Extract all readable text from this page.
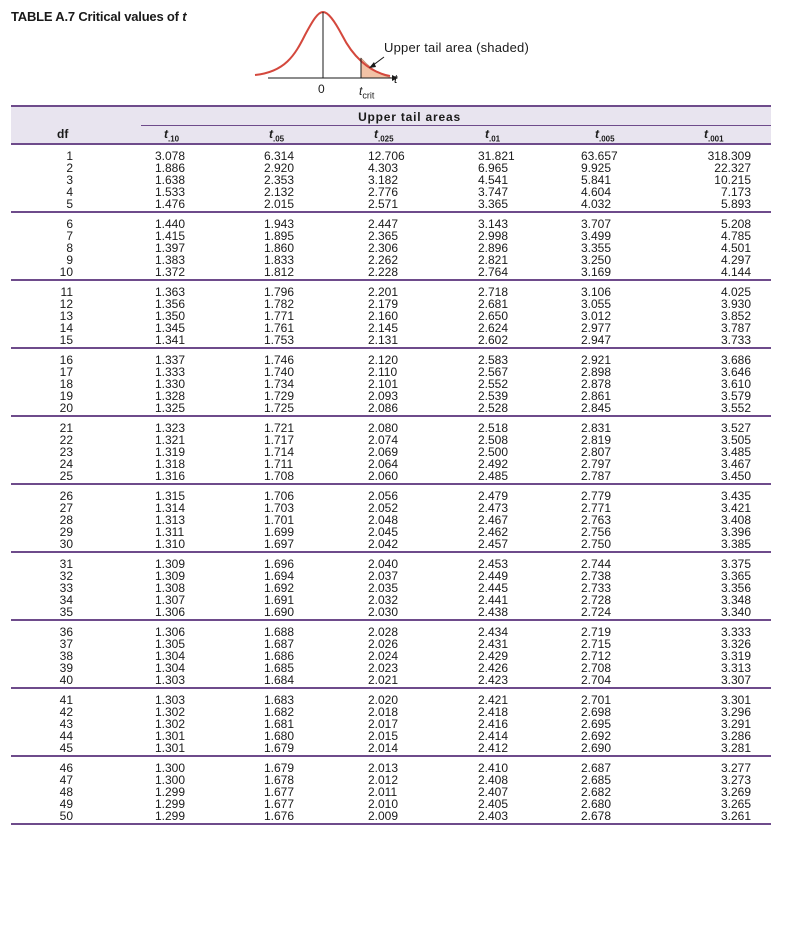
TABLE A.7 Critical values of t
Upper tail area (shaded)
0
t
$t_{crit}$
Upper tail areas
df	$t_{.10}$	$t_{.05}$	$t_{.025}$	$t_{.01}$	$t_{.005}$	$t_{.001}$
1	3.078	6.314	12.706	31.821	63.657	318.309
2	1.886	2.920	4.303	6.965	9.925	22.327
3	1.638	2.353	3.182	4.541	5.841	10.215
4	1.533	2.132	2.776	3.747	4.604	7.173
5	1.476	2.015	2.571	3.365	4.032	5.893
6	1.440	1.943	2.447	3.143	3.707	5.208
7	1.415	1.895	2.365	2.998	3.499	4.785
8	1.397	1.860	2.306	2.896	3.355	4.501
9	1.383	1.833	2.262	2.821	3.250	4.297
10	1.372	1.812	2.228	2.764	3.169	4.144
11	1.363	1.796	2.201	2.718	3.106	4.025
12	1.356	1.782	2.179	2.681	3.055	3.930
13	1.350	1.771	2.160	2.650	3.012	3.852
14	1.345	1.761	2.145	2.624	2.977	3.787
15	1.341	1.753	2.131	2.602	2.947	3.733
16	1.337	1.746	2.120	2.583	2.921	3.686
17	1.333	1.740	2.110	2.567	2.898	3.646
18	1.330	1.734	2.101	2.552	2.878	3.610
19	1.328	1.729	2.093	2.539	2.861	3.579
20	1.325	1.725	2.086	2.528	2.845	3.552
21	1.323	1.721	2.080	2.518	2.831	3.527
22	1.321	1.717	2.074	2.508	2.819	3.505
23	1.319	1.714	2.069	2.500	2.807	3.485
24	1.318	1.711	2.064	2.492	2.797	3.467
25	1.316	1.708	2.060	2.485	2.787	3.450
26	1.315	1.706	2.056	2.479	2.779	3.435
27	1.314	1.703	2.052	2.473	2.771	3.421
28	1.313	1.701	2.048	2.467	2.763	3.408
29	1.311	1.699	2.045	2.462	2.756	3.396
30	1.310	1.697	2.042	2.457	2.750	3.385
31	1.309	1.696	2.040	2.453	2.744	3.375
32	1.309	1.694	2.037	2.449	2.738	3.365
33	1.308	1.692	2.035	2.445	2.733	3.356
34	1.307	1.691	2.032	2.441	2.728	3.348
35	1.306	1.690	2.030	2.438	2.724	3.340
36	1.306	1.688	2.028	2.434	2.719	3.333
37	1.305	1.687	2.026	2.431	2.715	3.326
38	1.304	1.686	2.024	2.429	2.712	3.319
39	1.304	1.685	2.023	2.426	2.708	3.313
40	1.303	1.684	2.021	2.423	2.704	3.307
41	1.303	1.683	2.020	2.421	2.701	3.301
42	1.302	1.682	2.018	2.418	2.698	3.296
43	1.302	1.681	2.017	2.416	2.695	3.291
44	1.301	1.680	2.015	2.414	2.692	3.286
45	1.301	1.679	2.014	2.412	2.690	3.281
46	1.300	1.679	2.013	2.410	2.687	3.277
47	1.300	1.678	2.012	2.408	2.685	3.273
48	1.299	1.677	2.011	2.407	2.682	3.269
49	1.299	1.677	2.010	2.405	2.680	3.265
50	1.299	1.676	2.009	2.403	2.678	3.261
